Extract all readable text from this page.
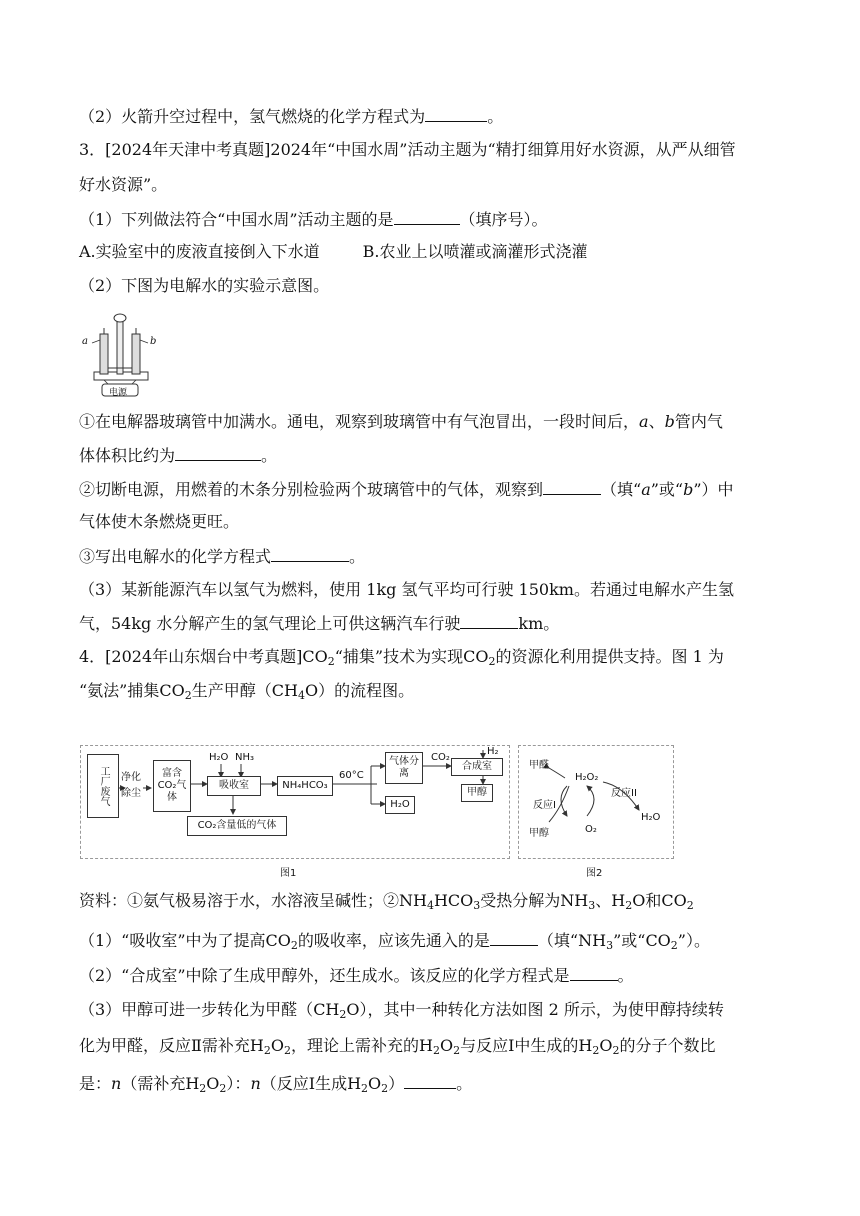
（2）火箭升空过程中，氢气燃烧的化学方程式为	。
3．[2024年天津中考真题]2024年“中国水周”活动主题为“精打细算用好水资源，从严从细管
好水资源”。
（1）下列做法符合“中国水周”活动主题的是	（填序号）。
A.实验室中的废液直接倒入下水道	B.农业上以喷灌或滴灌形式浇灌
（2）下图为电解水的实验示意图。
a	b
电源
①在电解器玻璃管中加满水。通电，观察到玻璃管中有气泡冒出，一段时间后，a、b管内气
体体积比约为	。
②切断电源，用燃着的木条分别检验两个玻璃管中的气体，观察到	（填“a”或“b”）中
气体使木条燃烧更旺。
③写出电解水的化学方程式	。
（3）某新能源汽车以氢气为燃料，使用 1kg 氢气平均可行驶 150km。若通过电解水产生氢
气，54kg 水分解产生的氢气理论上可供这辆汽车行驶	km。
4．[2024年山东烟台中考真题]$CO_2“$捕集”技术为实现$CO_2$的资源化利用提供支持。图 1 为
“氨法”捕集$CO_2$生产甲醇$(CH_4O)$的流程图。
工厂废气	净化除尘
富含CO₂气体
H₂O NH₃
吸收室
CO₂含量低的气体
NH₄HCO₃
60°C
气体分离
CO₂
H₂
合成室
H₂O
甲醇
图1
甲醛
H₂O₂
反应II
反应I
H₂O
甲醇	O₂
图2
资料：①氨气极易溶于水，水溶液呈碱性；$②NH_4HCO_3$受热分解为$NH_3$、$H_2O$和$CO_2$
（1）“吸收室”中为了提高$CO_2$的吸收率，应该先通入的是	（填“$NH_3$”或“$CO_2$”）。
（2）“合成室”中除了生成甲醇外，还生成水。该反应的化学方程式是	。
（3）甲醇可进一步转化为甲醛$(CH_2O)$，其中一种转化方法如图 2 所示，为使甲醇持续转
化为甲醛，反应Ⅱ需补充$H_2O_2$，理论上需补充的$H_2O_2$与反应Ⅰ中生成的$H_2O_2$的分子个数比
是：n（需补充$H_2O_2$）：n（反应Ⅰ生成$H_2O_2$）	。
